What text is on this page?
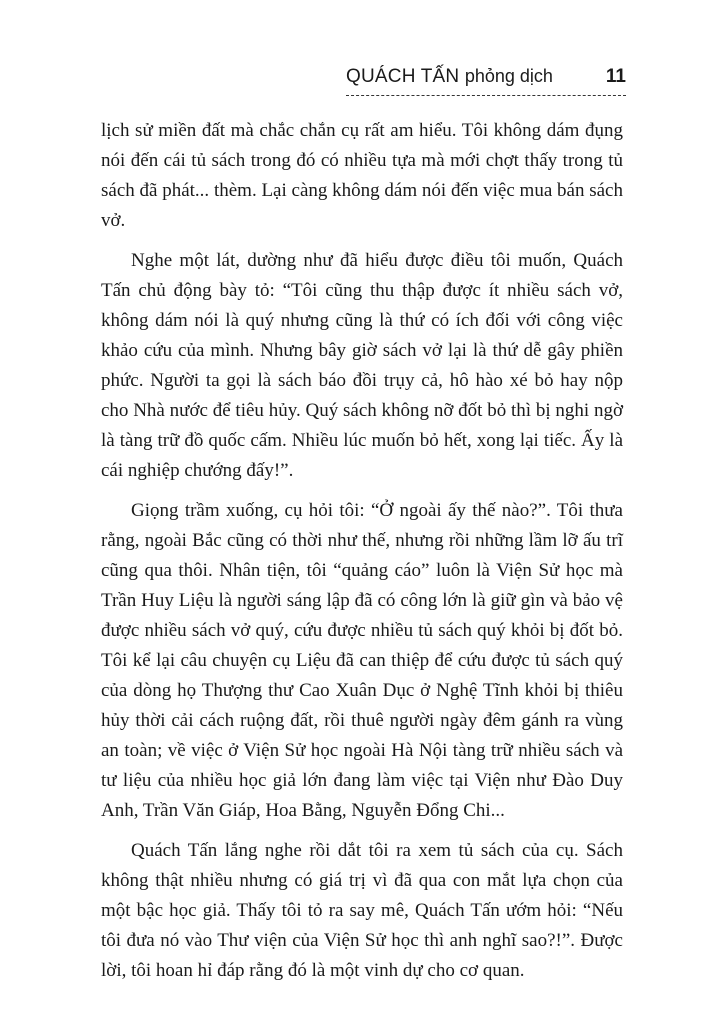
QUÁCH TẤN phỏng dịch	11

lịch sử miền đất mà chắc chắn cụ rất am hiểu. Tôi không dám đụng nói đến cái tủ sách trong đó có nhiều tựa mà mới chợt thấy trong tủ sách đã phát... thèm. Lại càng không dám nói đến việc mua bán sách vở.

Nghe một lát, dường như đã hiểu được điều tôi muốn, Quách Tấn chủ động bày tỏ: “Tôi cũng thu thập được ít nhiều sách vở, không dám nói là quý nhưng cũng là thứ có ích đối với công việc khảo cứu của mình. Nhưng bây giờ sách vở lại là thứ dễ gây phiền phức. Người ta gọi là sách báo đồi trụy cả, hô hào xé bỏ hay nộp cho Nhà nước để tiêu hủy. Quý sách không nỡ đốt bỏ thì bị nghi ngờ là tàng trữ đồ quốc cấm. Nhiều lúc muốn bỏ hết, xong lại tiếc. Ấy là cái nghiệp chướng đấy!”.

Giọng trầm xuống, cụ hỏi tôi: “Ở ngoài ấy thế nào?”. Tôi thưa rằng, ngoài Bắc cũng có thời như thế, nhưng rồi những lầm lỡ ấu trĩ cũng qua thôi. Nhân tiện, tôi “quảng cáo” luôn là Viện Sử học mà Trần Huy Liệu là người sáng lập đã có công lớn là giữ gìn và bảo vệ được nhiều sách vở quý, cứu được nhiều tủ sách quý khỏi bị đốt bỏ. Tôi kể lại câu chuyện cụ Liệu đã can thiệp để cứu được tủ sách quý của dòng họ Thượng thư Cao Xuân Dục ở Nghệ Tĩnh khỏi bị thiêu hủy thời cải cách ruộng đất, rồi thuê người ngày đêm gánh ra vùng an toàn; về việc ở Viện Sử học ngoài Hà Nội tàng trữ nhiều sách và tư liệu của nhiều học giả lớn đang làm việc tại Viện như Đào Duy Anh, Trần Văn Giáp, Hoa Bằng, Nguyễn Đổng Chi...

Quách Tấn lắng nghe rồi dắt tôi ra xem tủ sách của cụ. Sách không thật nhiều nhưng có giá trị vì đã qua con mắt lựa chọn của một bậc học giả. Thấy tôi tỏ ra say mê, Quách Tấn ướm hỏi: “Nếu tôi đưa nó vào Thư viện của Viện Sử học thì anh nghĩ sao?!”. Được lời, tôi hoan hỉ đáp rằng đó là một vinh dự cho cơ quan.
